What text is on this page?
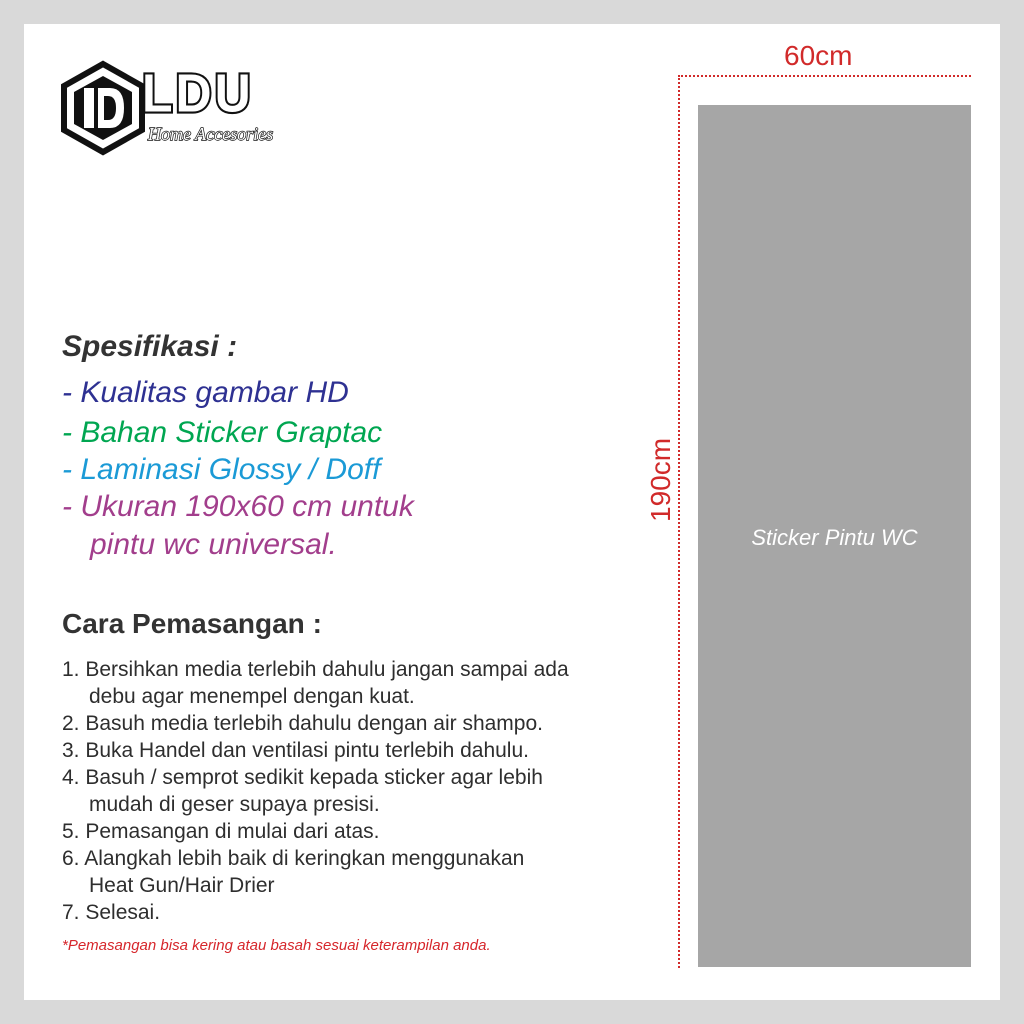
LDU
Home Accesories
Spesifikasi :
- Kualitas gambar HD
- Bahan Sticker Graptac
- Laminasi Glossy / Doff
- Ukuran 190x60 cm untuk
pintu wc universal.
Cara Pemasangan :
1. Bersihkan media terlebih dahulu jangan sampai ada
debu agar menempel dengan kuat.
2. Basuh media terlebih dahulu dengan air shampo.
3. Buka Handel dan ventilasi pintu terlebih dahulu.
4. Basuh / semprot sedikit kepada sticker agar lebih
mudah di geser supaya presisi.
5. Pemasangan di mulai dari atas.
6. Alangkah lebih baik di keringkan menggunakan
Heat Gun/Hair Drier
7. Selesai.
*Pemasangan bisa kering atau basah sesuai keterampilan anda.
60cm
190cm
Sticker Pintu WC
